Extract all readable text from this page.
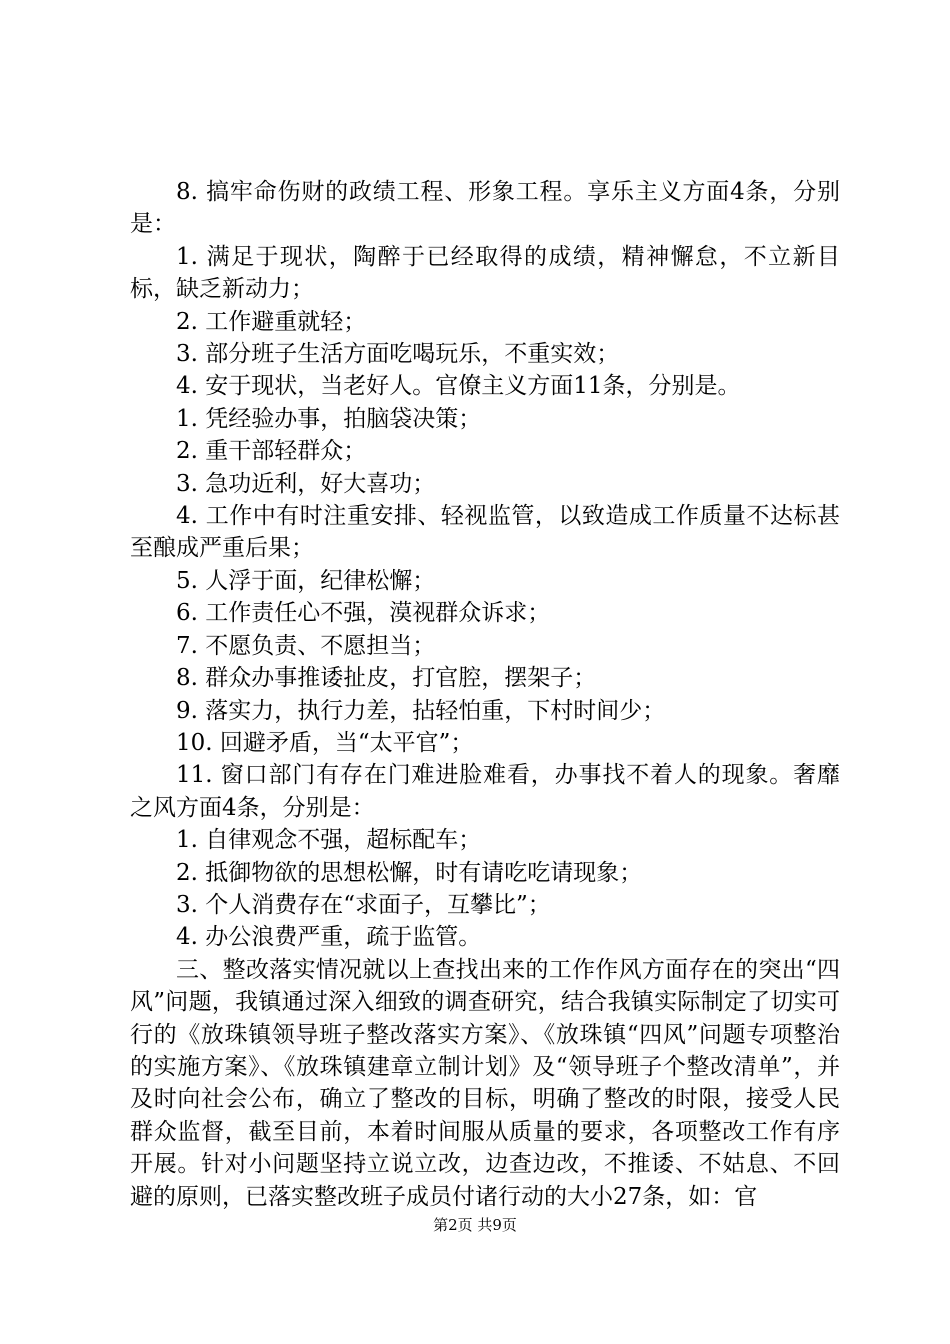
8. 搞牢命伤财的政绩工程、形象工程。享乐主义方面4条，分别是：

1. 满足于现状，陶醉于已经取得的成绩，精神懈怠，不立新目标，缺乏新动力；

2. 工作避重就轻；

3. 部分班子生活方面吃喝玩乐，不重实效；

4. 安于现状，当老好人。官僚主义方面11条，分别是。

1. 凭经验办事，拍脑袋决策；

2. 重干部轻群众；

3. 急功近利，好大喜功；

4. 工作中有时注重安排、轻视监管，以致造成工作质量不达标甚至酿成严重后果；

5. 人浮于面，纪律松懈；

6. 工作责任心不强，漠视群众诉求；

7. 不愿负责、不愿担当；

8. 群众办事推诿扯皮，打官腔，摆架子；

9. 落实力，执行力差，拈轻怕重，下村时间少；

10. 回避矛盾，当“太平官”；

11. 窗口部门有存在门难进脸难看，办事找不着人的现象。奢靡之风方面4条，分别是：

1. 自律观念不强，超标配车；

2. 抵御物欲的思想松懈，时有请吃吃请现象；

3. 个人消费存在“求面子，互攀比”；

4. 办公浪费严重，疏于监管。

三、整改落实情况就以上查找出来的工作作风方面存在的突出“四风”问题，我镇通过深入细致的调查研究，结合我镇实际制定了切实可行的《放珠镇领导班子整改落实方案》、《放珠镇“四风”问题专项整治的实施方案》、《放珠镇建章立制计划》及“领导班子个整改清单”，并及时向社会公布，确立了整改的目标，明确了整改的时限，接受人民群众监督，截至目前，本着时间服从质量的要求，各项整改工作有序开展。针对小问题坚持立说立改，边查边改，不推诿、不姑息、不回避的原则，已落实整改班子成员付诸行动的大小27条，如：官

第2页 共9页
